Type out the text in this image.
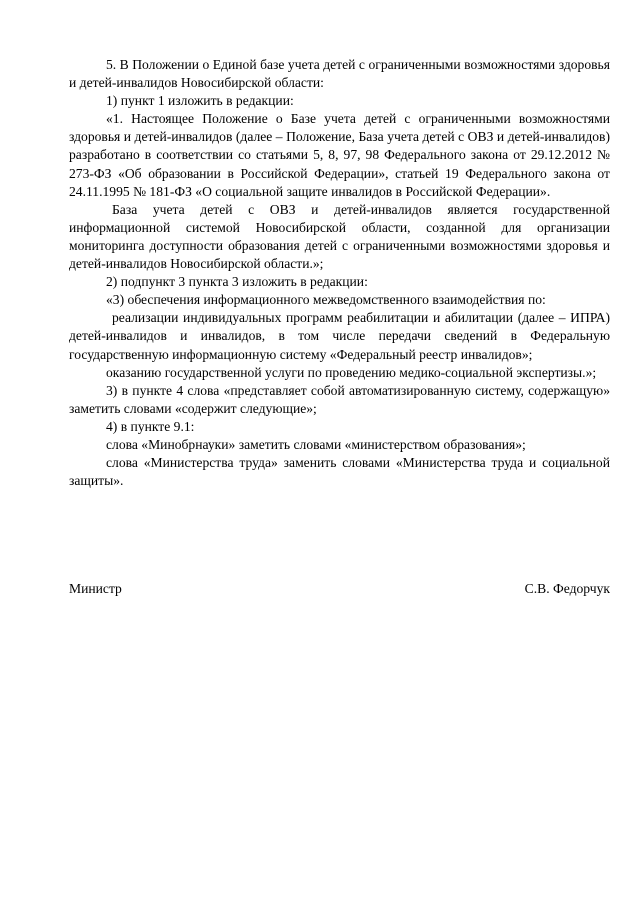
5. В Положении о Единой базе учета детей с ограниченными возможностями здоровья и детей-инвалидов Новосибирской области:

1) пункт 1 изложить в редакции:

«1. Настоящее Положение о Базе учета детей с ограниченными возможностями здоровья и детей-инвалидов (далее – Положение, База учета детей с ОВЗ и детей-инвалидов) разработано в соответствии со статьями 5, 8, 97, 98 Федерального закона от 29.12.2012 № 273-ФЗ «Об образовании в Российской Федерации», статьей 19 Федерального закона от 24.11.1995 № 181-ФЗ «О социальной защите инвалидов в Российской Федерации».

База учета детей с ОВЗ и детей-инвалидов является государственной информационной системой Новосибирской области, созданной для организации мониторинга доступности образования детей с ограниченными возможностями здоровья и детей-инвалидов Новосибирской области.»;

2) подпункт 3 пункта 3 изложить в редакции:

«3) обеспечения информационного межведомственного взаимодействия по:

реализации индивидуальных программ реабилитации и абилитации (далее – ИПРА) детей-инвалидов и инвалидов, в том числе передачи сведений в Федеральную государственную информационную систему «Федеральный реестр инвалидов»;

оказанию государственной услуги по проведению медико-социальной экспертизы.»;

3) в пункте 4 слова «представляет собой автоматизированную систему, содержащую» заметить словами «содержит следующие»;

4) в пункте 9.1:

слова «Минобрнауки» заметить словами «министерством образования»;

слова «Министерства труда» заменить словами «Министерства труда и социальной защиты».

Министр	С.В. Федорчук
